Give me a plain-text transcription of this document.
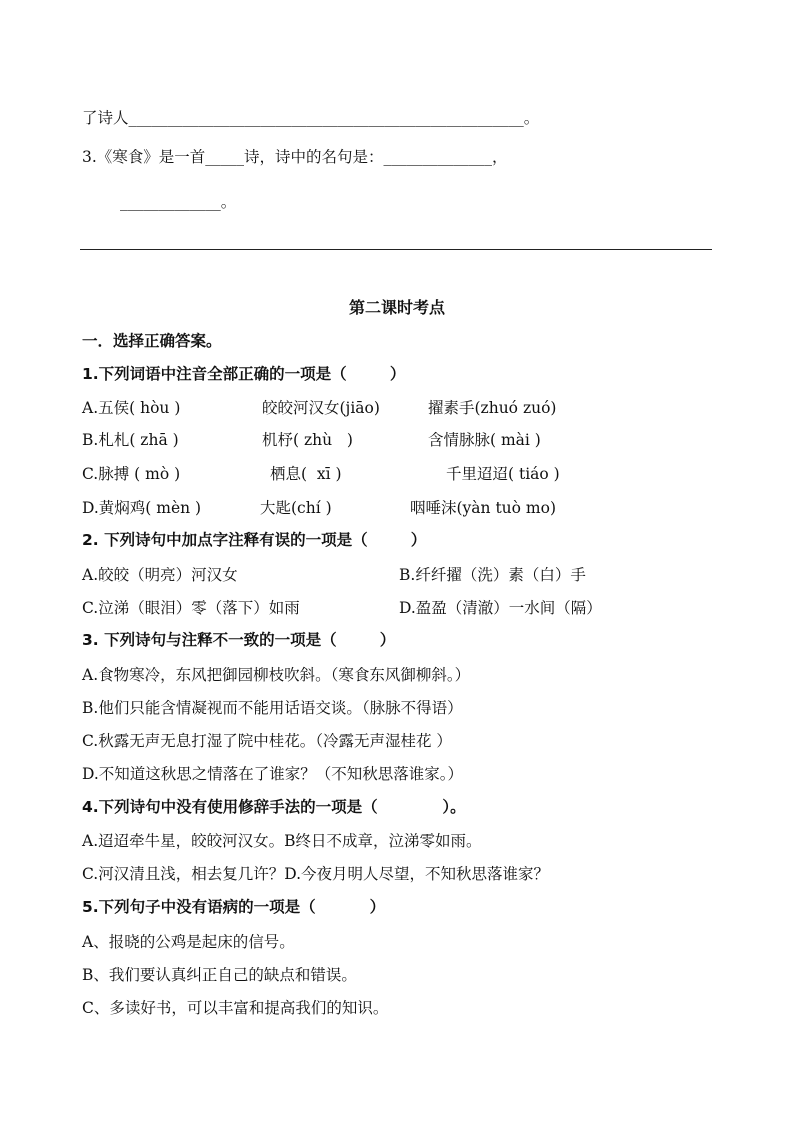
了诗人___________________________________________________。
3.《寒食》是一首_____诗，诗中的名句是：______________，
_____________。
第二课时考点
一．选择正确答案。
1.下列词语中注音全部正确的一项是（        ）
A.五侯( hòu )	皎皎河汉女(jiāo)	擢素手(zhuó zuó)
B.札札( zhā )	机杼( zhù   )	含情脉脉( mài )
C.脉搏 ( mò )	栖息(  xī )	千里迢迢( tiáo )
D.黄焖鸡( mèn )	大匙(chí )	咽唾沫(yàn tuò mo)
2. 下列诗句中加点字注释有误的一项是（        ）
A.皎皎（明亮）河汉女	B.纤纤擢（洗）素（白）手
C.泣涕（眼泪）零（落下）如雨	D.盈盈（清澈）一水间（隔）
3. 下列诗句与注释不一致的一项是（        ）
A.食物寒冷，东风把御园柳枝吹斜。（寒食东风御柳斜。）
B.他们只能含情凝视而不能用话语交谈。（脉脉不得语）
C.秋露无声无息打湿了院中桂花。（冷露无声湿桂花 ）
D.不知道这秋思之情落在了谁家？（不知秋思落谁家。）
4.下列诗句中没有使用修辞手法的一项是（            ）。
A.迢迢牵牛星，皎皎河汉女。B终日不成章，泣涕零如雨。
C.河汉清且浅，相去复几许？D.今夜月明人尽望，不知秋思落谁家？
5.下列句子中没有语病的一项是（          ）
A、报晓的公鸡是起床的信号。
B、我们要认真纠正自己的缺点和错误。
C、多读好书，可以丰富和提高我们的知识。
